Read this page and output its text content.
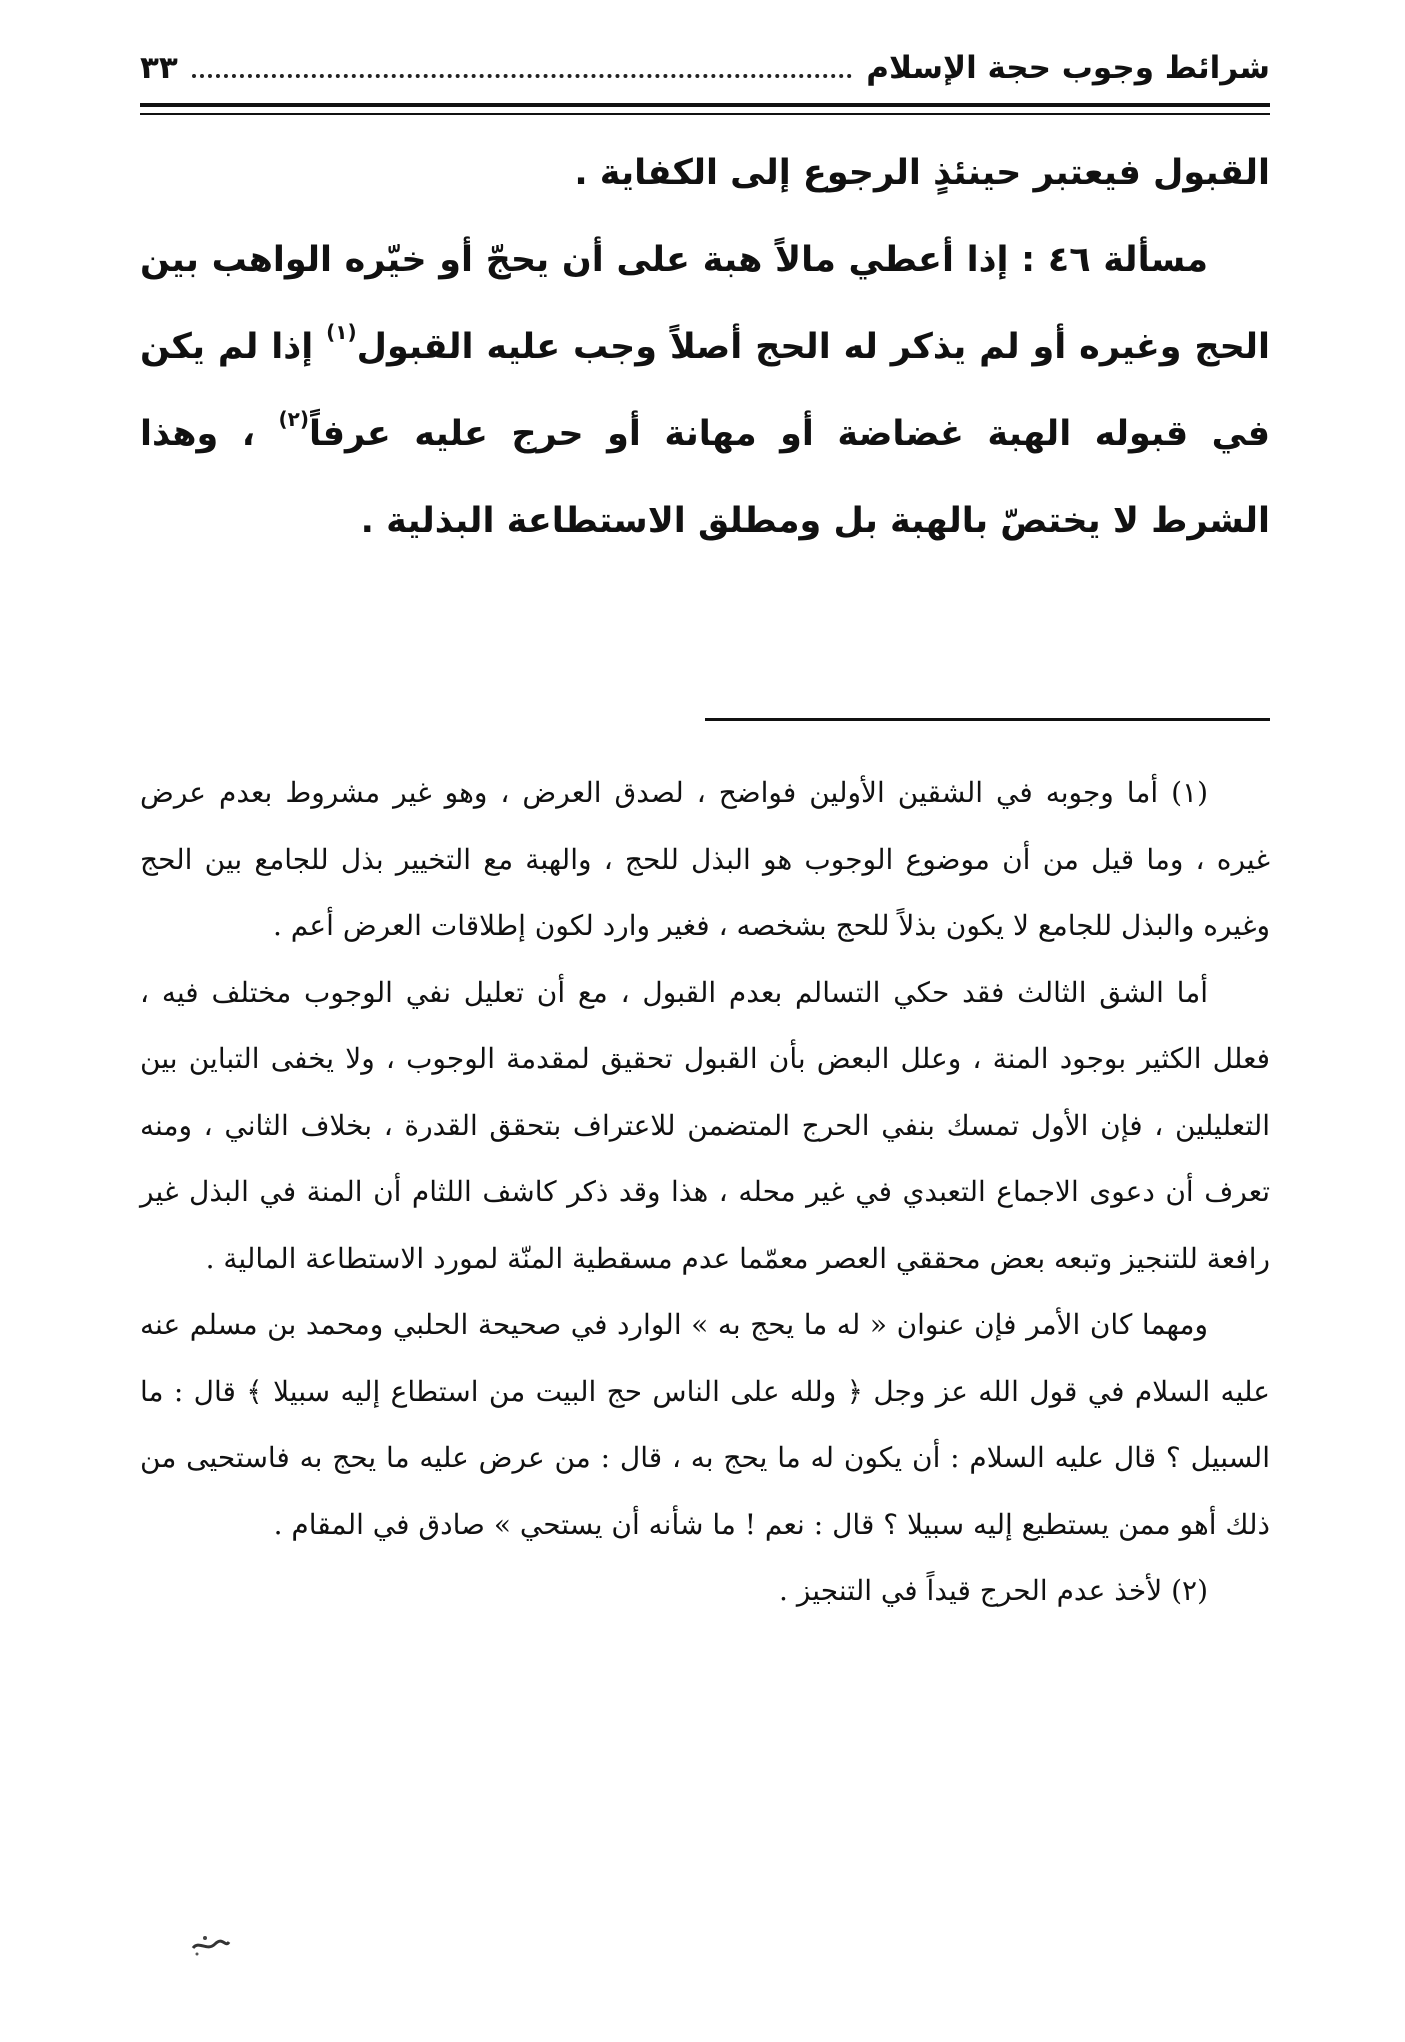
شرائط وجوب حجة الإسلام
٣٣

القبول فيعتبر حينئذٍ الرجوع إلى الكفاية .

مسألة ٤٦ : إذا أعطي مالاً هبة على أن يحجّ أو خيّره الواهب بين الحج وغيره أو لم يذكر له الحج أصلاً وجب عليه القبول$^{(١)}$ إذا لم يكن في قبوله الهبة غضاضة أو مهانة أو حرج عليه عرفاً$^{(٢)}$ ، وهذا الشرط لا يختصّ بالهبة بل ومطلق الاستطاعة البذلية .

(١) أما وجوبه في الشقين الأولين فواضح ، لصدق العرض ، وهو غير مشروط بعدم عرض غيره ، وما قيل من أن موضوع الوجوب هو البذل للحج ، والهبة مع التخيير بذل للجامع بين الحج وغيره والبذل للجامع لا يكون بذلاً للحج بشخصه ، فغير وارد لكون إطلاقات العرض أعم .

أما الشق الثالث فقد حكي التسالم بعدم القبول ، مع أن تعليل نفي الوجوب مختلف فيه ، فعلل الكثير بوجود المنة ، وعلل البعض بأن القبول تحقيق لمقدمة الوجوب ، ولا يخفى التباين بين التعليلين ، فإن الأول تمسك بنفي الحرج المتضمن للاعتراف بتحقق القدرة ، بخلاف الثاني ، ومنه تعرف أن دعوى الاجماع التعبدي في غير محله ، هذا وقد ذكر كاشف اللثام أن المنة في البذل غير رافعة للتنجيز وتبعه بعض محققي العصر معمّما عدم مسقطية المنّة لمورد الاستطاعة المالية .

ومهما كان الأمر فإن عنوان « له ما يحج به » الوارد في صحيحة الحلبي ومحمد بن مسلم عنه عليه السلام في قول الله عز وجل ﴿ ولله على الناس حج البيت من استطاع إليه سبيلا ﴾ قال : ما السبيل ؟ قال عليه السلام : أن يكون له ما يحج به ، قال : من عرض عليه ما يحج به فاستحيى من ذلك أهو ممن يستطيع إليه سبيلا ؟ قال : نعم ! ما شأنه أن يستحي » صادق في المقام .

(٢) لأخذ عدم الحرج قيداً في التنجيز .
